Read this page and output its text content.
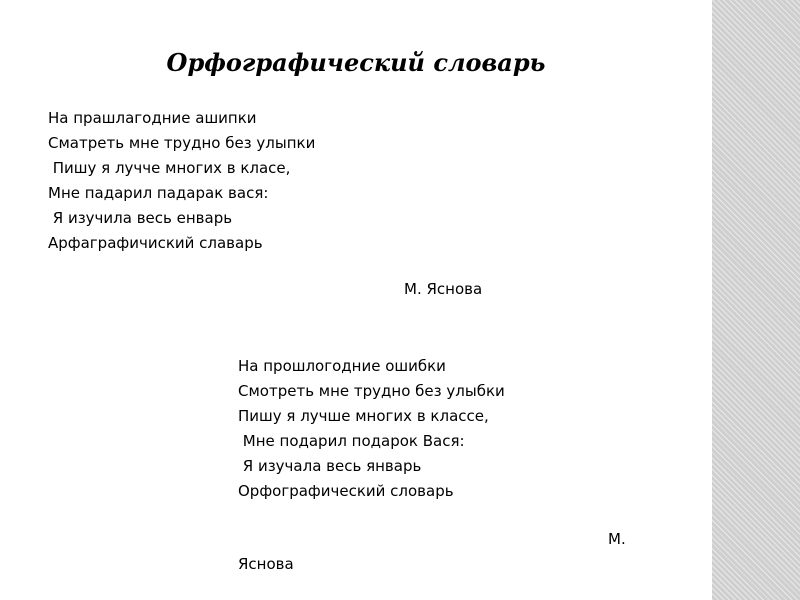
Орфографический словарь
На прашлагодние ашипки
Сматреть мне трудно без улыпки
Пишу я лучче многих в класе,
Мне падарил падарак вася:
Я изучила весь енварь
Арфаграфичиский славарь
М. Яснова
На прошлогодние ошибки
Смотреть мне трудно без улыбки
Пишу я лучше многих в классе,
Мне подарил подарок Вася:
Я изучала весь январь
Орфографический словарь
М.
Яснова
